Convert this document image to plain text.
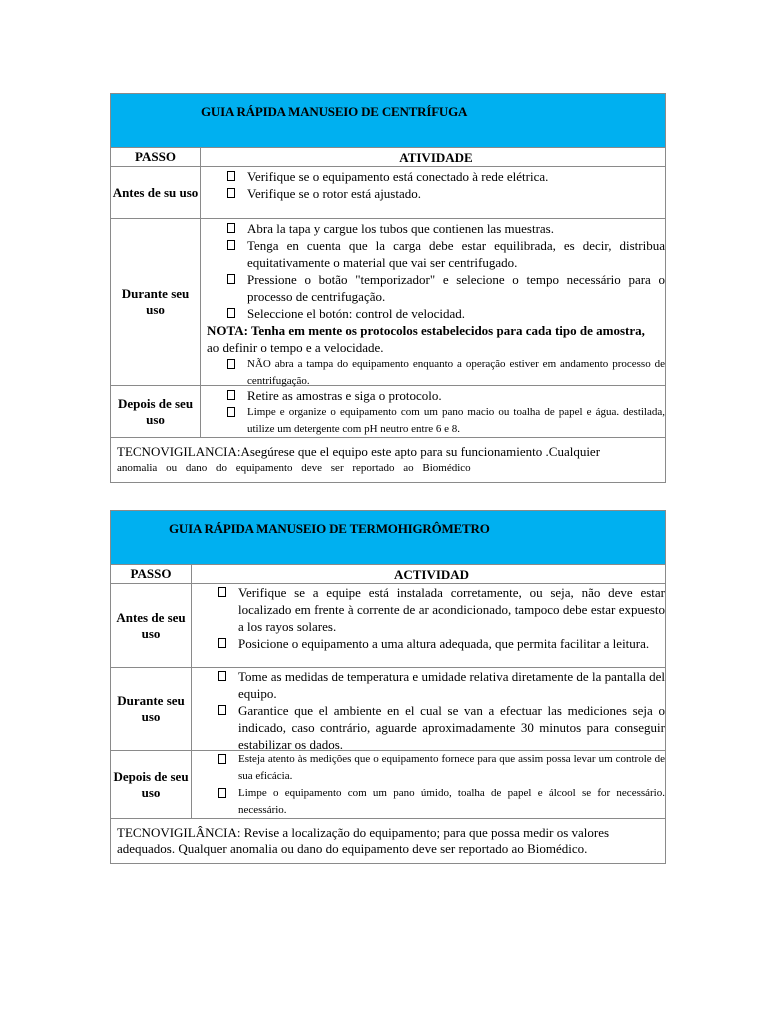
GUIA RÁPIDA MANUSEIO DE CENTRÍFUGA
PASSO	ATIVIDADE
Antes de su uso
Verifique se o equipamento está conectado à rede elétrica.
Verifique se o rotor está ajustado.
Durante seu uso
Abra la tapa y cargue los tubos que contienen las muestras.
Tenga en cuenta que la carga debe estar equilibrada, es decir, distribua equitativamente o material que vai ser centrifugado.
Pressione o botão "temporizador" e selecione o tempo necessário para o processo de centrifugação.
Seleccione el botón: control de velocidad.
NOTA: Tenha em mente os protocolos estabelecidos para cada tipo de amostra,
ao definir o tempo e a velocidade.
NÃO abra a tampa do equipamento enquanto a operação estiver em andamento processo de centrifugação.
Depois de seu uso
Retire as amostras e siga o protocolo.
Limpe e organize o equipamento com um pano macio ou toalha de papel e água. destilada, utilize um detergente com pH neutro entre 6 e 8.
TECNOVIGILANCIA:Asegúrese que el equipo este apto para su funcionamiento .Cualquier
anomalia ou dano do equipamento deve ser reportado ao Biomédico
GUIA RÁPIDA MANUSEIO DE TERMOHIGRÔMETRO
PASSO	ACTIVIDAD
Antes de seu uso
Verifique se a equipe está instalada corretamente, ou seja, não deve estar localizado em frente à corrente de ar acondicionado, tampoco debe estar expuesto a los rayos solares.
Posicione o equipamento a uma altura adequada, que permita facilitar a leitura.
Durante seu uso
Tome as medidas de temperatura e umidade relativa diretamente de la pantalla del equipo.
Garantice que el ambiente en el cual se van a efectuar las mediciones seja o indicado, caso contrário, aguarde aproximadamente 30 minutos para conseguir estabilizar os dados.
Depois de seu uso
Esteja atento às medições que o equipamento fornece para que assim possa levar um controle de sua eficácia.
Limpe o equipamento com um pano úmido, toalha de papel e álcool se for necessário. necessário.
TECNOVIGILÂNCIA: Revise a localização do equipamento; para que possa medir os valores
adequados. Qualquer anomalia ou dano do equipamento deve ser reportado ao Biomédico.
